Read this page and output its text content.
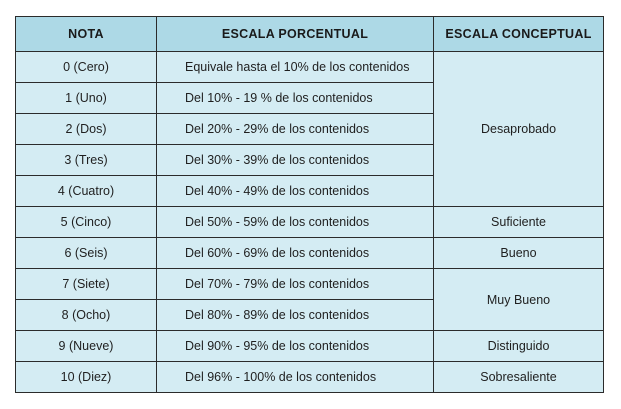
NOTA	ESCALA PORCENTUAL	ESCALA CONCEPTUAL
0 (Cero)	Equivale hasta el 10% de los contenidos	Desaprobado
1 (Uno)	Del 10% - 19 % de los contenidos	
2 (Dos)	Del 20% - 29% de los contenidos	
3 (Tres)	Del 30% - 39% de los contenidos	
4 (Cuatro)	Del 40% - 49% de los contenidos	
5 (Cinco)	Del 50% - 59% de los contenidos	Suficiente
6 (Seis)	Del 60% - 69% de los contenidos	Bueno
7 (Siete)	Del 70% - 79% de los contenidos	Muy Bueno
8 (Ocho)	Del 80% - 89% de los contenidos	
9 (Nueve)	Del 90% - 95% de los contenidos	Distinguido
10 (Diez)	Del 96% - 100% de los contenidos	Sobresaliente
